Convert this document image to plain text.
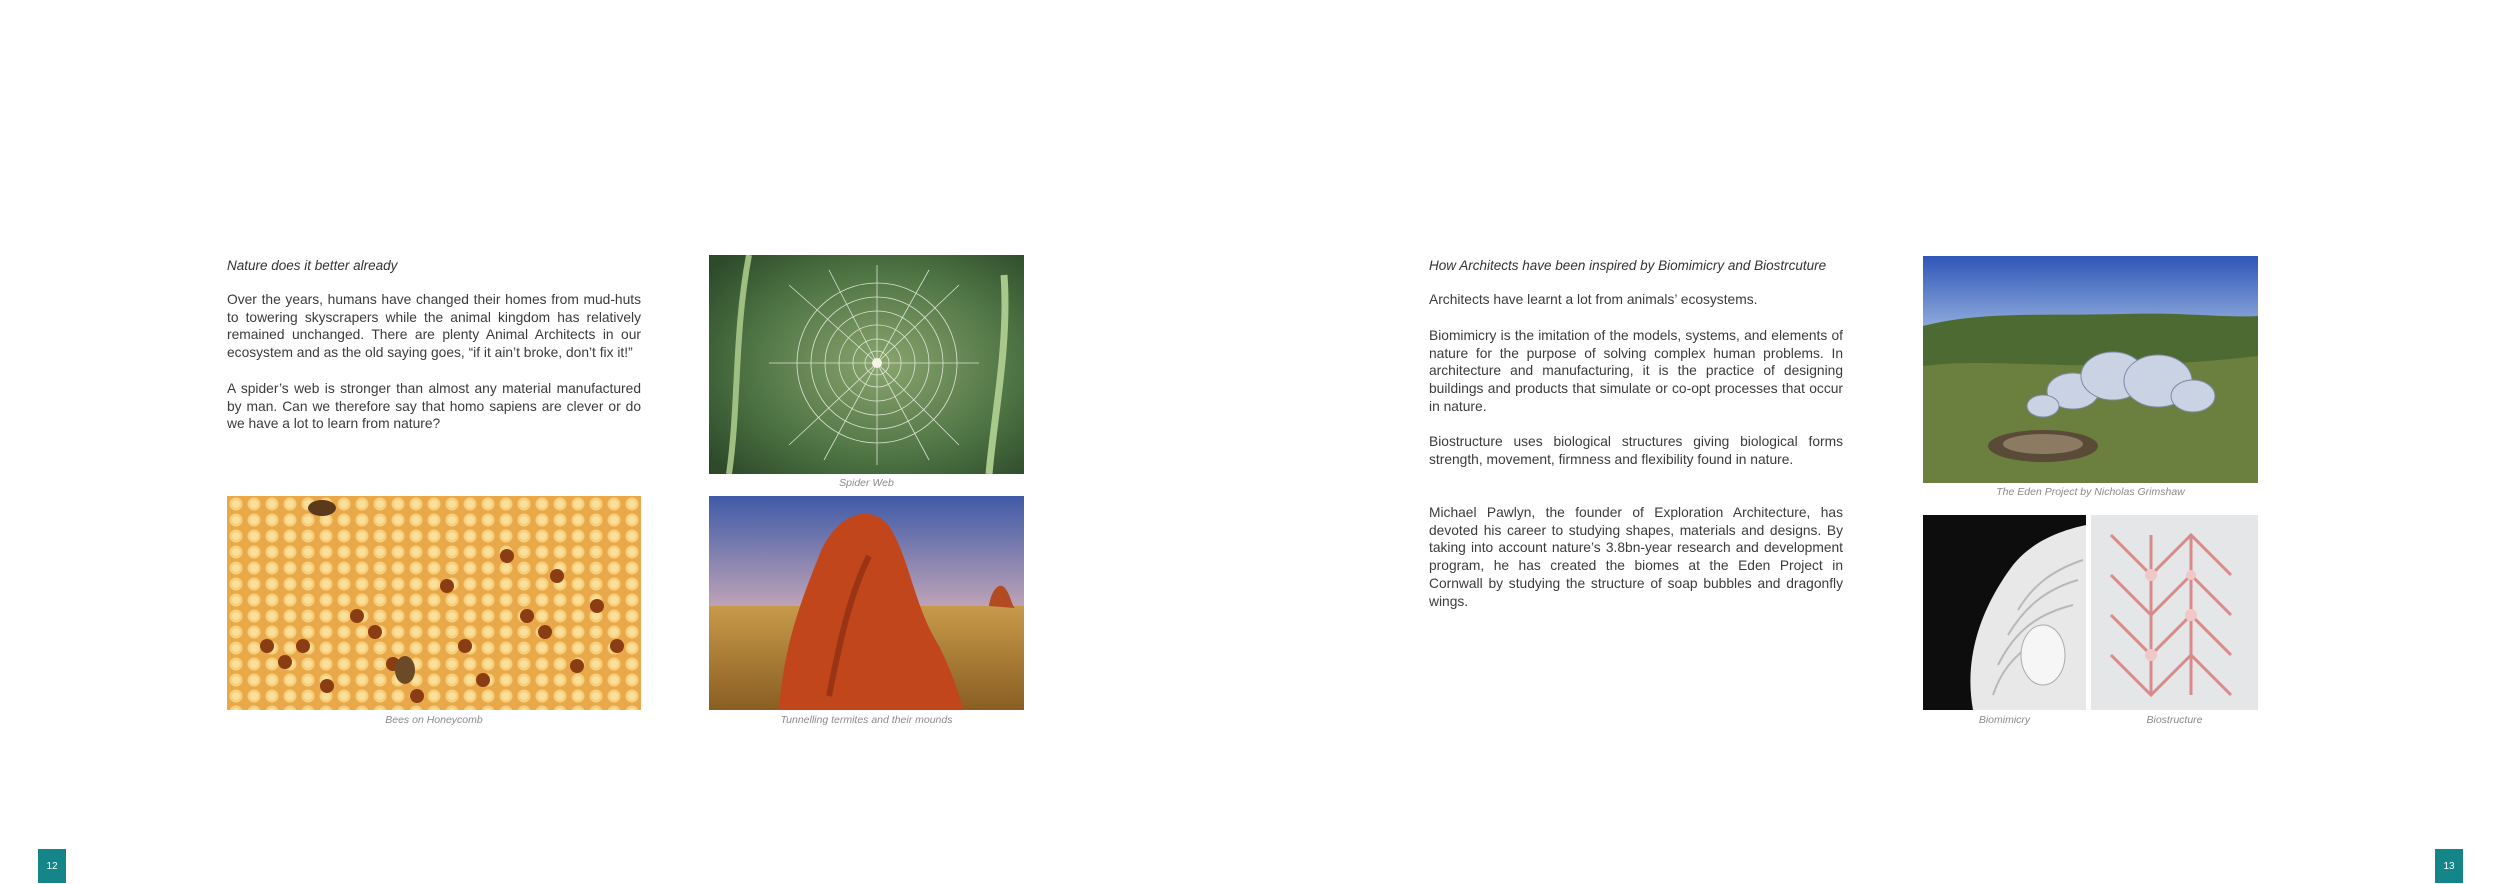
Nature does it better already

Over the years, humans have changed their homes from mud-huts to towering skyscrapers while the animal kingdom has relatively remained unchanged. There are plenty Animal Architects in our ecosystem and as the old saying goes, “if it ain’t broke, don’t fix it!”

A spider’s web is stronger than almost any material manufactured by man. Can we therefore say that homo sapiens are clever or do we have a lot to learn from nature?

Spider Web
Bees on Honeycomb	Tunnelling termites and their mounds
12
How Architects have been inspired by Biomimicry and Biostrcuture

Architects have learnt a lot from animals’ ecosystems.

Biomimicry is the imitation of the models, systems, and elements of nature for the purpose of solving complex human problems. In architecture and manufacturing, it is the practice of designing buildings and products that simulate or co-opt processes that occur in nature.

Biostructure uses biological structures giving biological forms strength, movement, firmness and flexibility found in nature.

Michael Pawlyn, the founder of Exploration Architecture, has devoted his career to studying shapes, materials and designs. By taking into account nature’s 3.8bn-year research and development program, he has created the biomes at the Eden Project in Cornwall by studying the structure of soap bubbles and dragonfly wings.

The Eden Project by Nicholas Grimshaw
Biomimicry	Biostructure
13
